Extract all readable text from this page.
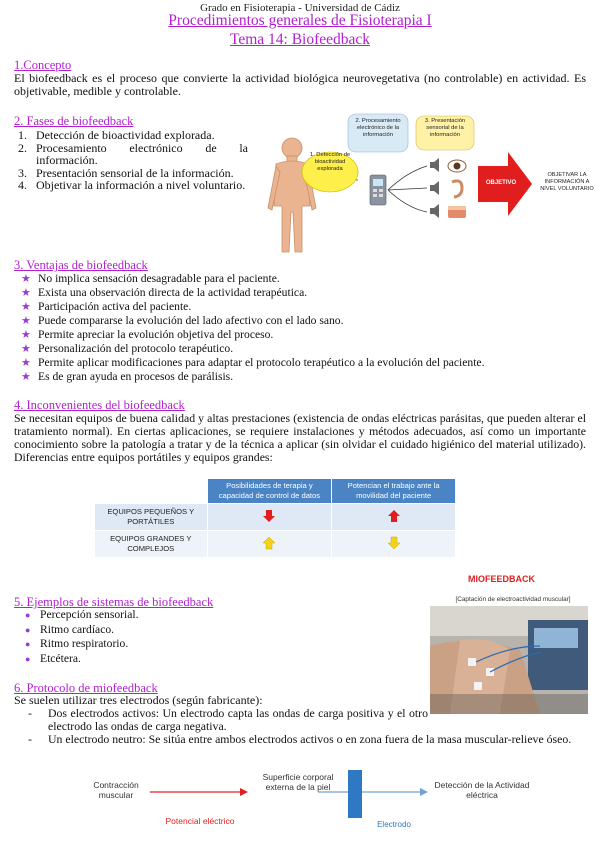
Grado en Fisioterapia - Universidad de Cádiz
Procedimientos generales de Fisioterapia I
Tema 14: Biofeedback
1.Concepto
El biofeedback es el proceso que convierte la actividad biológica neurovegetativa (no controlable) en actividad. Es objetivable, medible y controlable.
2. Fases de biofeedback
1. Detección de bioactividad explorada.
2. Procesamiento electrónico de la información.
3. Presentación sensorial de la información.
4. Objetivar la información a nivel voluntario.
1. Detección de bioactividad explorada
2. Procesamiento electrónico de la información
3. Presentación sensorial de la información
OBJETIVO
OBJETIVAR LA INFORMACIÓN A NIVEL VOLUNTARIO
3. Ventajas de biofeedback
★ No implica sensación desagradable para el paciente.
★ Exista una observación directa de la actividad terapéutica.
★ Participación activa del paciente.
★ Puede compararse la evolución del lado afectivo con el lado sano.
★ Permite apreciar la evolución objetiva del proceso.
★ Personalización del protocolo terapéutico.
★ Permite aplicar modificaciones para adaptar el protocolo terapéutico a la evolución del paciente.
★ Es de gran ayuda en procesos de parálisis.
4. Inconvenientes del biofeedback
Se necesitan equipos de buena calidad y altas prestaciones (existencia de ondas eléctricas parásitas, que pueden alterar el tratamiento normal). En ciertas aplicaciones, se requiere instalaciones y métodos adecuados, así como un importante conocimiento sobre la patología a tratar y de la técnica a aplicar (sin olvidar el cuidado higiénico del material utilizado). Diferencias entre equipos portátiles y equipos grandes:
	Posibilidades de terapia y capacidad de control de datos	Potencian el trabajo ante la movilidad del paciente
EQUIPOS PEQUEÑOS Y PORTÁTILES		
EQUIPOS GRANDES Y COMPLEJOS		
MIOFEEDBACK
[Captación de electroactividad muscular]
5. Ejemplos de sistemas de biofeedback
● Percepción sensorial.
● Ritmo cardíaco.
● Ritmo respiratorio.
● Etcétera.
6. Protocolo de miofeedback
Se suelen utilizar tres electrodos (según fabricante):
- Dos electrodos activos: Un electrodo capta las ondas de carga positiva y el otro electrodo las ondas de carga negativa.
- Un electrodo neutro: Se sitúa entre ambos electrodos activos o en zona fuera de la masa muscular-relieve óseo.
Contracción muscular
Superficie corporal externa de la piel	Detección de la Actividad eléctrica
Potencial eléctrico	Electrodo
